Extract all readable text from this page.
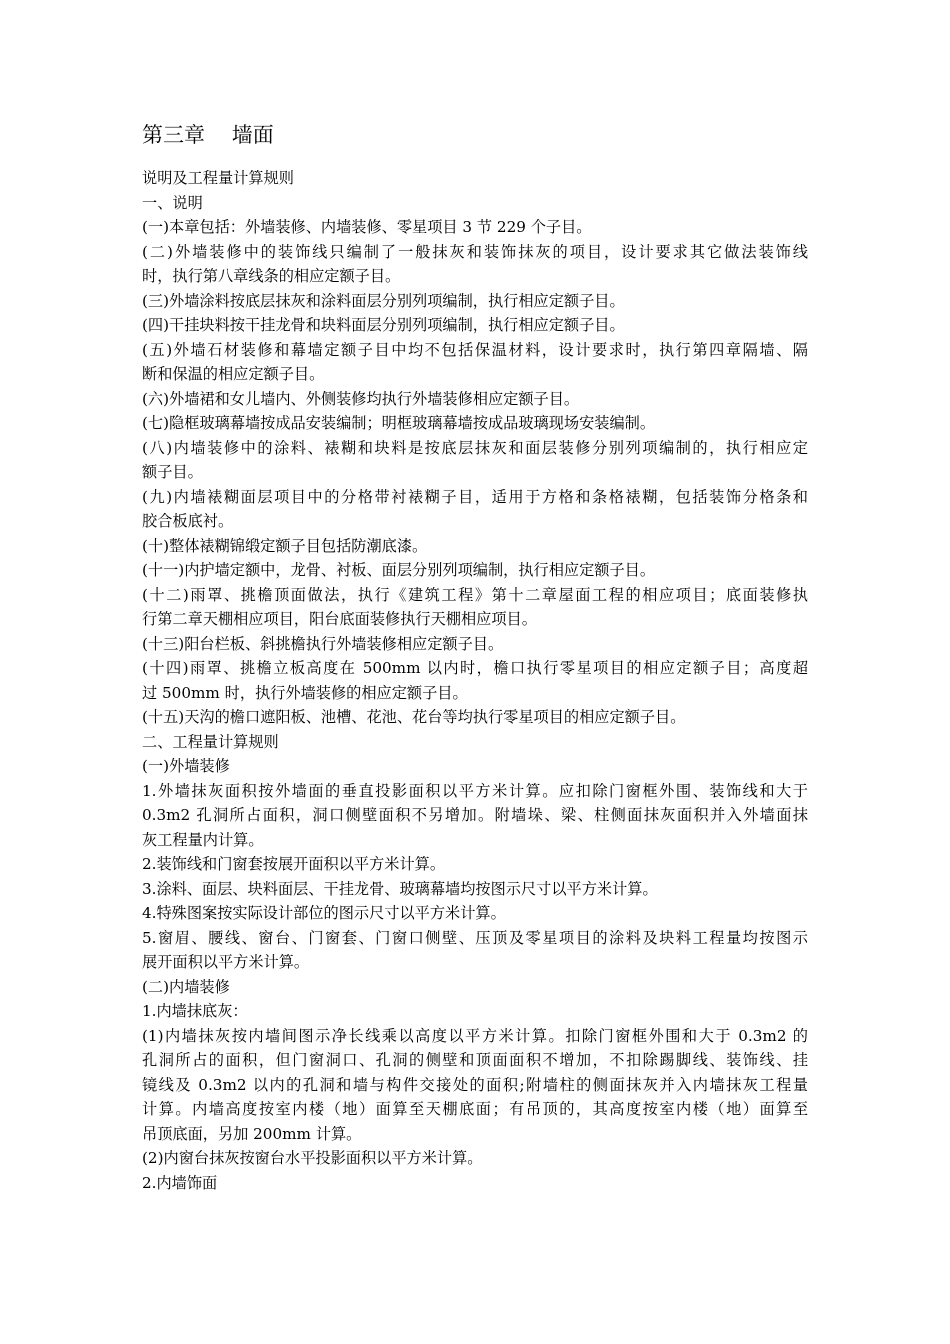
第三章    墙面
说明及工程量计算规则
一、说明
(一)本章包括：外墙装修、内墙装修、零星项目 3 节 229 个子目。
(二)外墙装修中的装饰线只编制了一般抹灰和装饰抹灰的项目，设计要求其它做法装饰线
时，执行第八章线条的相应定额子目。
(三)外墙涂料按底层抹灰和涂料面层分别列项编制，执行相应定额子目。
(四)干挂块料按干挂龙骨和块料面层分别列项编制，执行相应定额子目。
(五)外墙石材装修和幕墙定额子目中均不包括保温材料，设计要求时，执行第四章隔墙、隔
断和保温的相应定额子目。
(六)外墙裙和女儿墙内、外侧装修均执行外墙装修相应定额子目。
(七)隐框玻璃幕墙按成品安装编制；明框玻璃幕墙按成品玻璃现场安装编制。
(八)内墙装修中的涂料、裱糊和块料是按底层抹灰和面层装修分别列项编制的，执行相应定
额子目。
(九)内墙裱糊面层项目中的分格带衬裱糊子目，适用于方格和条格裱糊，包括装饰分格条和
胶合板底衬。
(十)整体裱糊锦缎定额子目包括防潮底漆。
(十一)内护墙定额中，龙骨、衬板、面层分别列项编制，执行相应定额子目。
(十二)雨罩、挑檐顶面做法，执行《建筑工程》第十二章屋面工程的相应项目；底面装修执
行第二章天棚相应项目，阳台底面装修执行天棚相应项目。
(十三)阳台栏板、斜挑檐执行外墙装修相应定额子目。
(十四)雨罩、挑檐立板高度在 500mm 以内时，檐口执行零星项目的相应定额子目；高度超
过 500mm 时，执行外墙装修的相应定额子目。
(十五)天沟的檐口遮阳板、池槽、花池、花台等均执行零星项目的相应定额子目。
二、工程量计算规则
(一)外墙装修
1.外墙抹灰面积按外墙面的垂直投影面积以平方米计算。应扣除门窗框外围、装饰线和大于
0.3m2 孔洞所占面积，洞口侧壁面积不另增加。附墙垛、梁、柱侧面抹灰面积并入外墙面抹
灰工程量内计算。
2.装饰线和门窗套按展开面积以平方米计算。
3.涂料、面层、块料面层、干挂龙骨、玻璃幕墙均按图示尺寸以平方米计算。
4.特殊图案按实际设计部位的图示尺寸以平方米计算。
5.窗眉、腰线、窗台、门窗套、门窗口侧壁、压顶及零星项目的涂料及块料工程量均按图示
展开面积以平方米计算。
(二)内墙装修
1.内墙抹底灰：
(1)内墙抹灰按内墙间图示净长线乘以高度以平方米计算。扣除门窗框外围和大于 0.3m2 的
孔洞所占的面积，但门窗洞口、孔洞的侧壁和顶面面积不增加，不扣除踢脚线、装饰线、挂
镜线及 0.3m2 以内的孔洞和墙与构件交接处的面积;附墙柱的侧面抹灰并入内墙抹灰工程量
计算。内墙高度按室内楼（地）面算至天棚底面；有吊顶的，其高度按室内楼（地）面算至
吊顶底面，另加 200mm 计算。
(2)内窗台抹灰按窗台水平投影面积以平方米计算。
2.内墙饰面
